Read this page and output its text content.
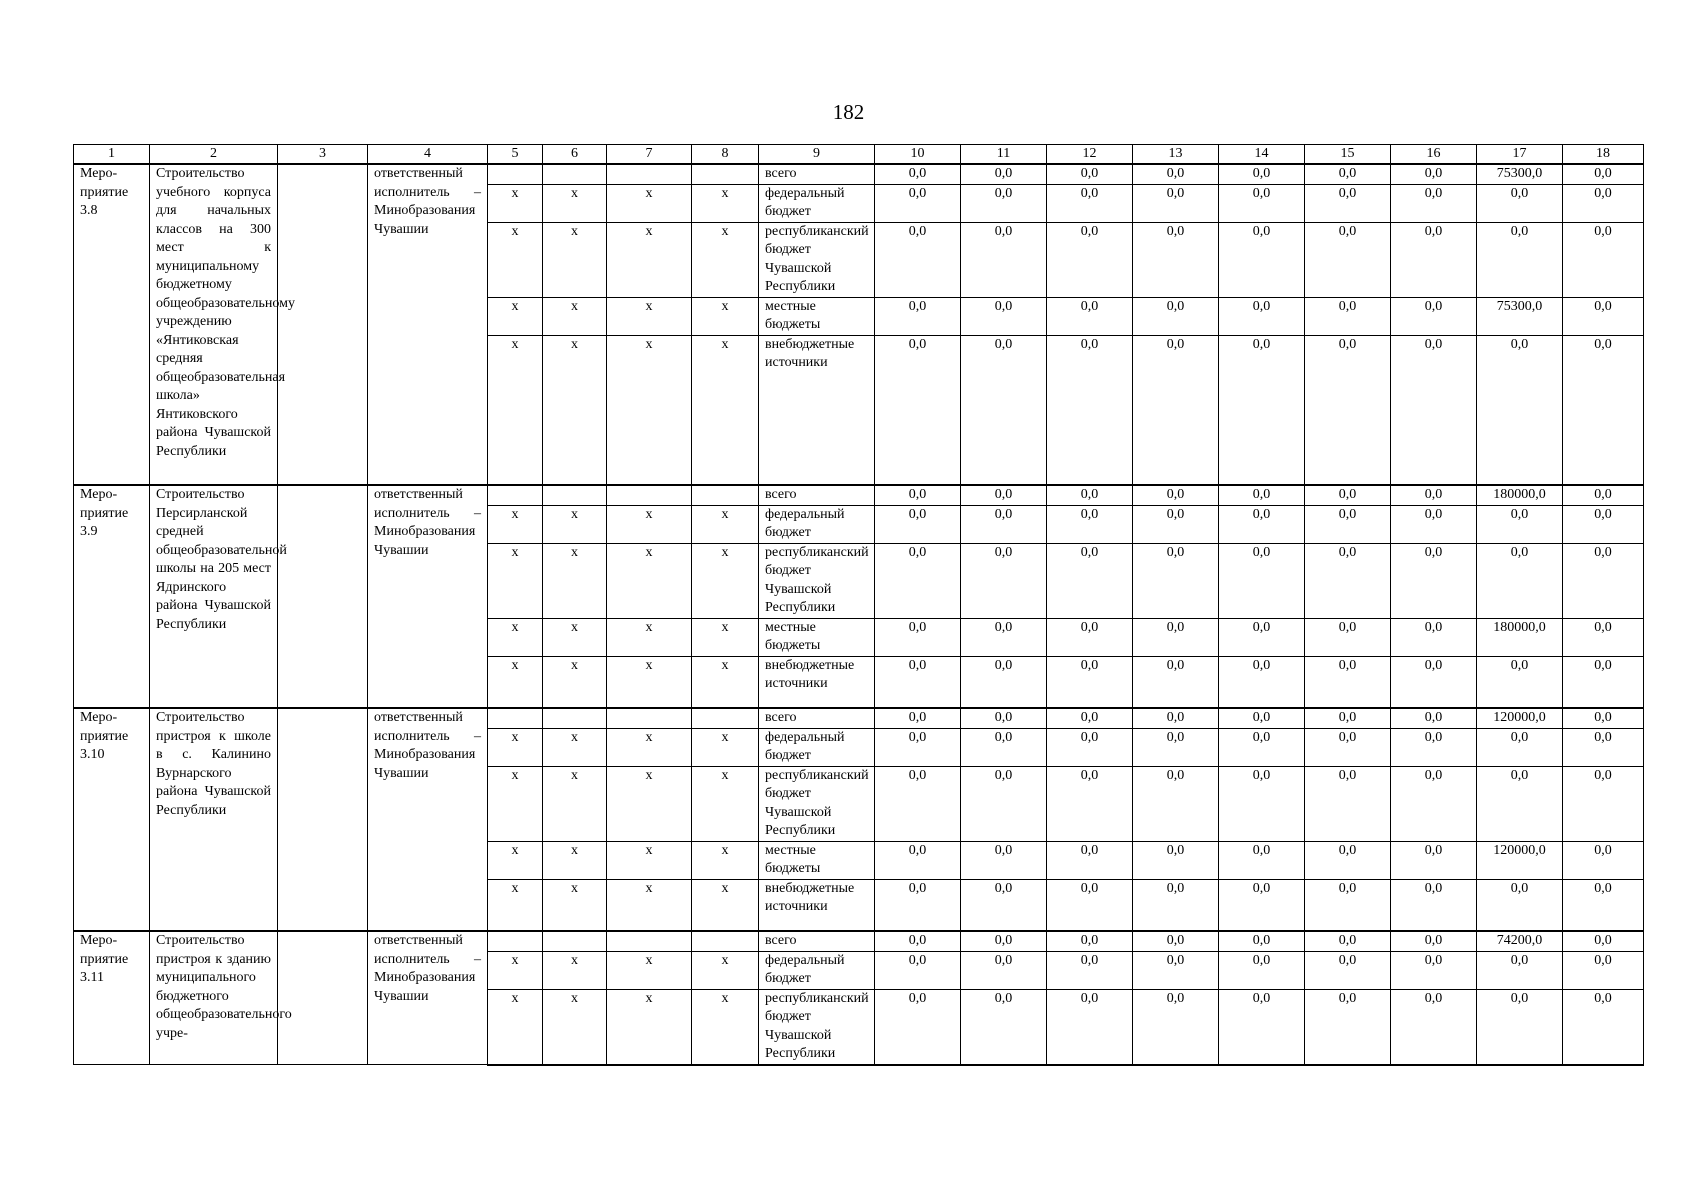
182
1	2	3	4	5	6	7	8	9	10	11	12	13	14	15	16	17	18
Меро-приятие 3.8	Строительство учебного корпуса для начальных классов на 300 мест к муниципальному бюджетному общеобразовательному учреждению «Янтиковская средняя общеобразовательная школа» Янтиковского района Чувашской Республики		ответственный исполнитель – Минобразования Чувашии					всего	0,0	0,0	0,0	0,0	0,0	0,0	0,0	75300,0	0,0
				х	х	х	х	федеральный бюджет	0,0	0,0	0,0	0,0	0,0	0,0	0,0	0,0	0,0
				х	х	х	х	республиканский бюджет Чувашской Республики	0,0	0,0	0,0	0,0	0,0	0,0	0,0	0,0	0,0
				х	х	х	х	местные бюджеты	0,0	0,0	0,0	0,0	0,0	0,0	0,0	75300,0	0,0
				х	х	х	х	внебюджетные источники	0,0	0,0	0,0	0,0	0,0	0,0	0,0	0,0	0,0
Меро-приятие 3.9	Строительство Персирланской средней общеобразовательной школы на 205 мест Ядринского района Чувашской Республики		ответственный исполнитель – Минобразования Чувашии					всего	0,0	0,0	0,0	0,0	0,0	0,0	0,0	180000,0	0,0
				х	х	х	х	федеральный бюджет	0,0	0,0	0,0	0,0	0,0	0,0	0,0	0,0	0,0
				х	х	х	х	республиканский бюджет Чувашской Республики	0,0	0,0	0,0	0,0	0,0	0,0	0,0	0,0	0,0
				х	х	х	х	местные бюджеты	0,0	0,0	0,0	0,0	0,0	0,0	0,0	180000,0	0,0
				х	х	х	х	внебюджетные источники	0,0	0,0	0,0	0,0	0,0	0,0	0,0	0,0	0,0
Меро-приятие 3.10	Строительство пристроя к школе в с. Калинино Вурнарского района Чувашской Республики		ответственный исполнитель – Минобразования Чувашии					всего	0,0	0,0	0,0	0,0	0,0	0,0	0,0	120000,0	0,0
				х	х	х	х	федеральный бюджет	0,0	0,0	0,0	0,0	0,0	0,0	0,0	0,0	0,0
				х	х	х	х	республиканский бюджет Чувашской Республики	0,0	0,0	0,0	0,0	0,0	0,0	0,0	0,0	0,0
				х	х	х	х	местные бюджеты	0,0	0,0	0,0	0,0	0,0	0,0	0,0	120000,0	0,0
				х	х	х	х	внебюджетные источники	0,0	0,0	0,0	0,0	0,0	0,0	0,0	0,0	0,0
Меро-приятие 3.11	Строительство пристроя к зданию муниципального бюджетного общеобразовательного учре-		ответственный исполнитель – Минобразования Чувашии					всего	0,0	0,0	0,0	0,0	0,0	0,0	0,0	74200,0	0,0
				х	х	х	х	федеральный бюджет	0,0	0,0	0,0	0,0	0,0	0,0	0,0	0,0	0,0
				х	х	х	х	республиканский бюджет Чувашской Республики	0,0	0,0	0,0	0,0	0,0	0,0	0,0	0,0	0,0
